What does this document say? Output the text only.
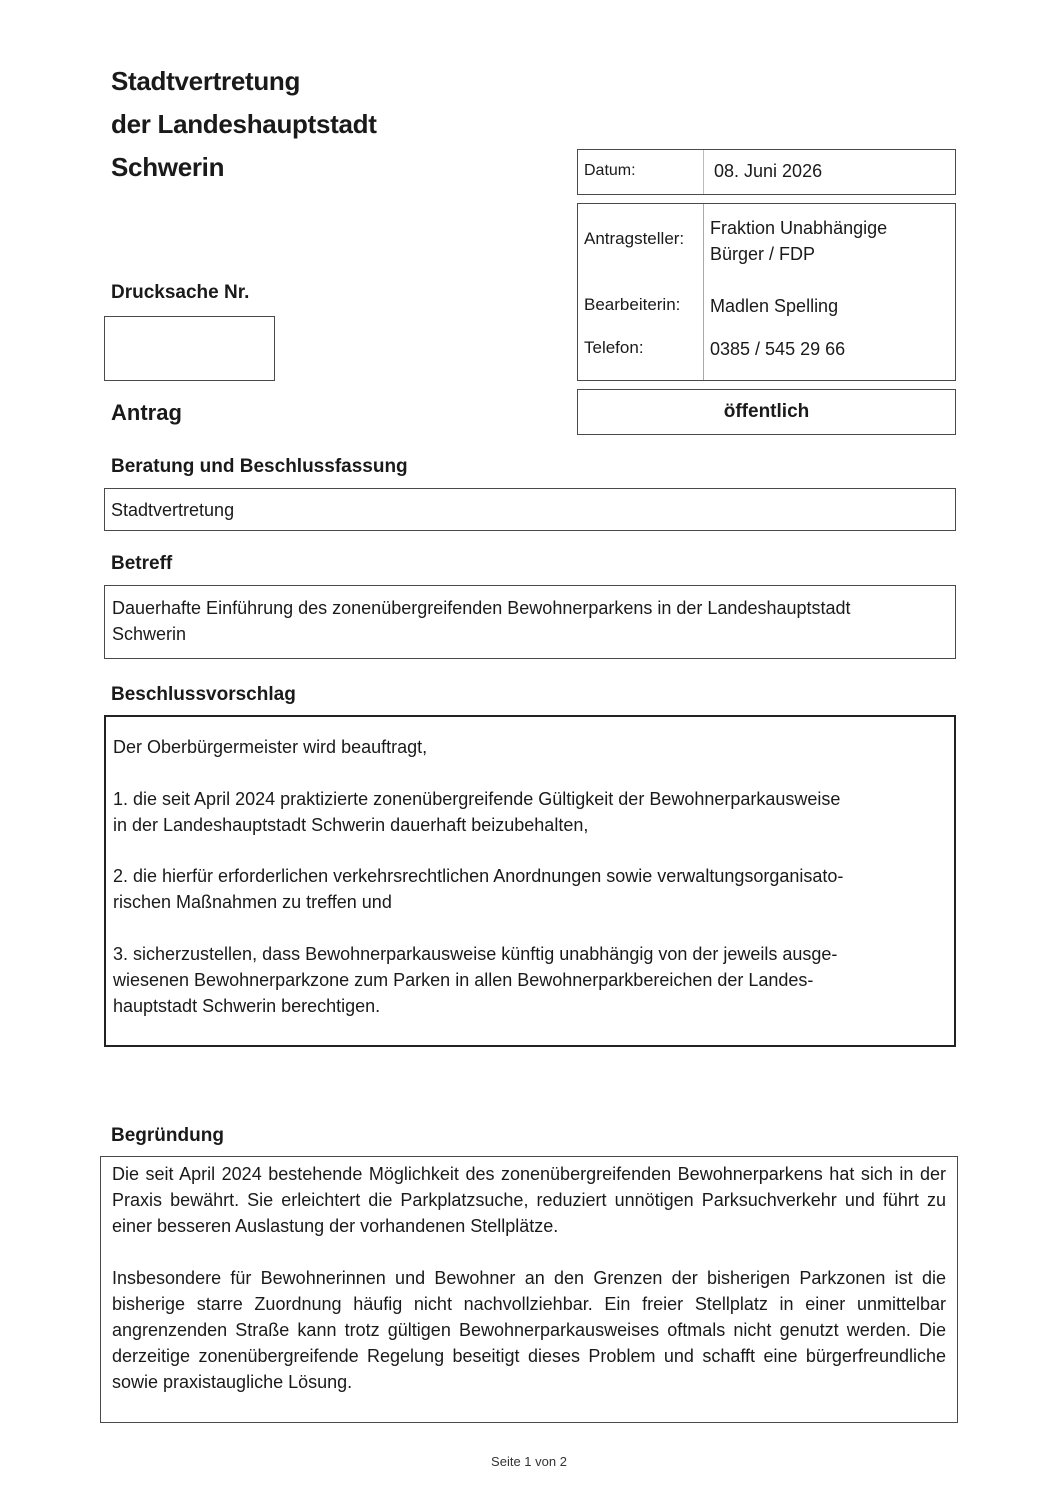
Stadtvertretung
der Landeshauptstadt
Schwerin	Datum:	08. Juni 2026
Antragsteller:
Fraktion Unabhängige
Bürger / FDP
Bearbeiterin: Madlen Spelling
Telefon:	0385 / 545 29 66
Drucksache Nr.
Antrag	öffentlich
Beratung und Beschlussfassung
Stadtvertretung
Betreff
Dauerhafte Einführung des zonenübergreifenden Bewohnerparkens in der Landeshauptstadt
Schwerin
Beschlussvorschlag
Der Oberbürgermeister wird beauftragt,
1. die seit April 2024 praktizierte zonenübergreifende Gültigkeit der Bewohnerparkausweise
in der Landeshauptstadt Schwerin dauerhaft beizubehalten,
2. die hierfür erforderlichen verkehrsrechtlichen Anordnungen sowie verwaltungsorganisato-
rischen Maßnahmen zu treffen und
3. sicherzustellen, dass Bewohnerparkausweise künftig unabhängig von der jeweils ausge-
wiesenen Bewohnerparkzone zum Parken in allen Bewohnerparkbereichen der Landes-
hauptstadt Schwerin berechtigen.
Begründung

Die seit April 2024 bestehende Möglichkeit des zonenübergreifenden Bewohnerparkens hat sich in der Praxis bewährt. Sie erleichtert die Parkplatzsuche, reduziert unnötigen Parksuchverkehr und führt zu einer besseren Auslastung der vorhandenen Stellplätze.

Insbesondere für Bewohnerinnen und Bewohner an den Grenzen der bisherigen Parkzonen ist die bisherige starre Zuordnung häufig nicht nachvollziehbar. Ein freier Stellplatz in einer unmittelbar angrenzenden Straße kann trotz gültigen Bewohnerparkausweises oftmals nicht genutzt werden. Die derzeitige zonenübergreifende Regelung beseitigt dieses Problem und schafft eine bürgerfreundliche sowie praxistaugliche Lösung.

Seite 1 von 2
